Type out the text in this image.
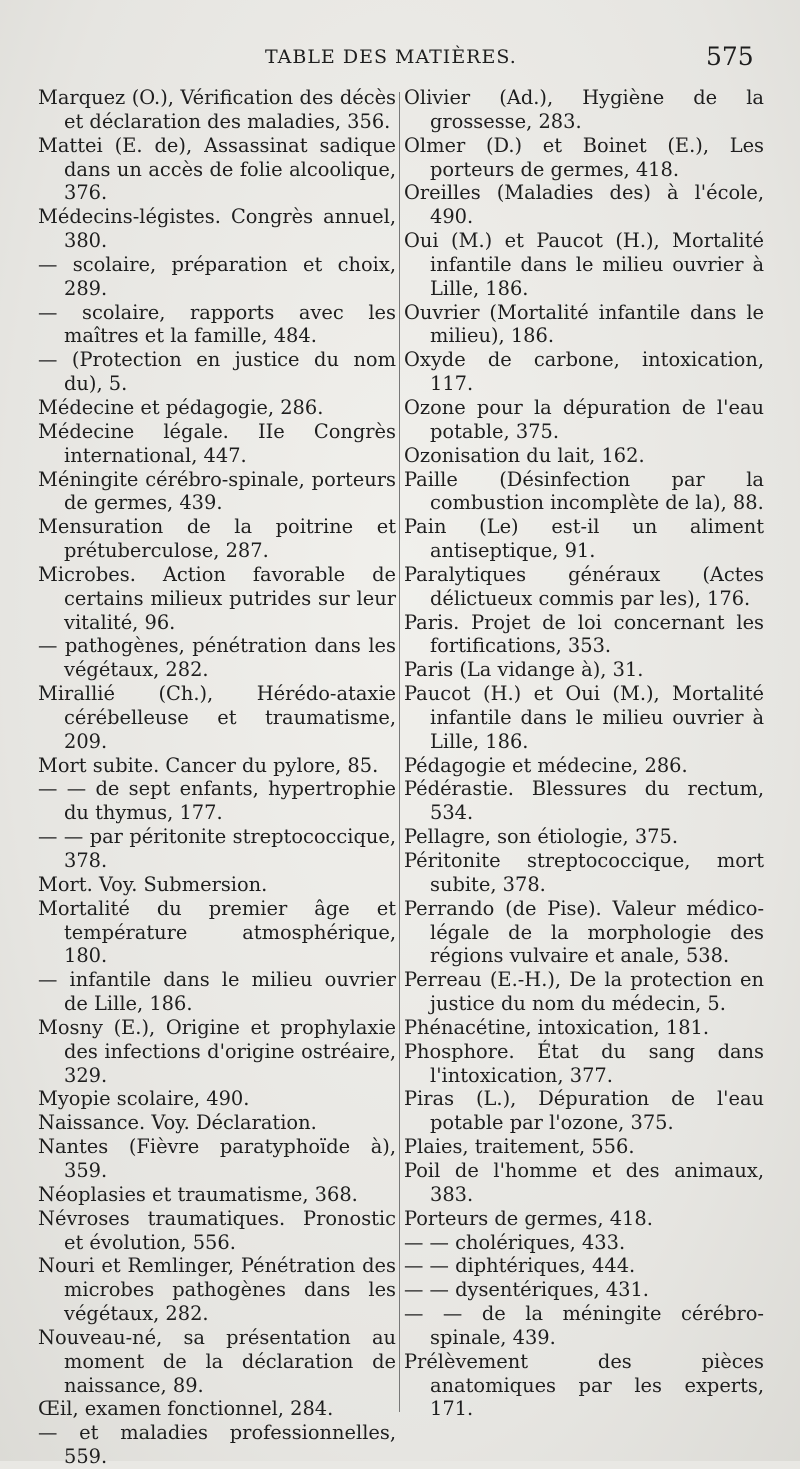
TABLE DES MATIÈRES.	575

Marquez (O.), Vérification des décès et déclaration des maladies, 356.

Mattei (E. de), Assassinat sadique dans un accès de folie alcoolique, 376.

Médecins-légistes. Congrès annuel, 380.

— scolaire, préparation et choix, 289.

— scolaire, rapports avec les maîtres et la famille, 484.

— (Protection en justice du nom du), 5.

Médecine et pédagogie, 286.

Médecine légale. IIe Congrès international, 447.

Méningite cérébro-spinale, porteurs de germes, 439.

Mensuration de la poitrine et prétuberculose, 287.

Microbes. Action favorable de certains milieux putrides sur leur vitalité, 96.

— pathogènes, pénétration dans les végétaux, 282.

Mirallié (Ch.), Hérédo-ataxie cérébelleuse et traumatisme, 209.

Mort subite. Cancer du pylore, 85.

— — de sept enfants, hypertrophie du thymus, 177.

— — par péritonite streptococcique, 378.

Mort. Voy. Submersion.

Mortalité du premier âge et température atmosphérique, 180.

— infantile dans le milieu ouvrier de Lille, 186.

Mosny (E.), Origine et prophylaxie des infections d'origine ostréaire, 329.

Myopie scolaire, 490.

Naissance. Voy. Déclaration.

Nantes (Fièvre paratyphoïde à), 359.

Néoplasies et traumatisme, 368.

Névroses traumatiques. Pronostic et évolution, 556.

Nouri et Remlinger, Pénétration des microbes pathogènes dans les végétaux, 282.

Nouveau-né, sa présentation au moment de la déclaration de naissance, 89.

Œil, examen fonctionnel, 284.

— et maladies professionnelles, 559.

Olivier (Ad.), Hygiène de la grossesse, 283.

Olmer (D.) et Boinet (E.), Les porteurs de germes, 418.

Oreilles (Maladies des) à l'école, 490.

Oui (M.) et Paucot (H.), Mortalité infantile dans le milieu ouvrier à Lille, 186.

Ouvrier (Mortalité infantile dans le milieu), 186.

Oxyde de carbone, intoxication, 117.

Ozone pour la dépuration de l'eau potable, 375.

Ozonisation du lait, 162.

Paille (Désinfection par la combustion incomplète de la), 88.

Pain (Le) est-il un aliment antiseptique, 91.

Paralytiques généraux (Actes délictueux commis par les), 176.

Paris. Projet de loi concernant les fortifications, 353.

Paris (La vidange à), 31.

Paucot (H.) et Oui (M.), Mortalité infantile dans le milieu ouvrier à Lille, 186.

Pédagogie et médecine, 286.

Pédérastie. Blessures du rectum, 534.

Pellagre, son étiologie, 375.

Péritonite streptococcique, mort subite, 378.

Perrando (de Pise). Valeur médico-légale de la morphologie des régions vulvaire et anale, 538.

Perreau (E.-H.), De la protection en justice du nom du médecin, 5.

Phénacétine, intoxication, 181.

Phosphore. État du sang dans l'intoxication, 377.

Piras (L.), Dépuration de l'eau potable par l'ozone, 375.

Plaies, traitement, 556.

Poil de l'homme et des animaux, 383.

Porteurs de germes, 418.

— — cholériques, 433.

— — diphtériques, 444.

— — dysentériques, 431.

— — de la méningite cérébro-spinale, 439.

Prélèvement des pièces anatomiques par les experts, 171.
